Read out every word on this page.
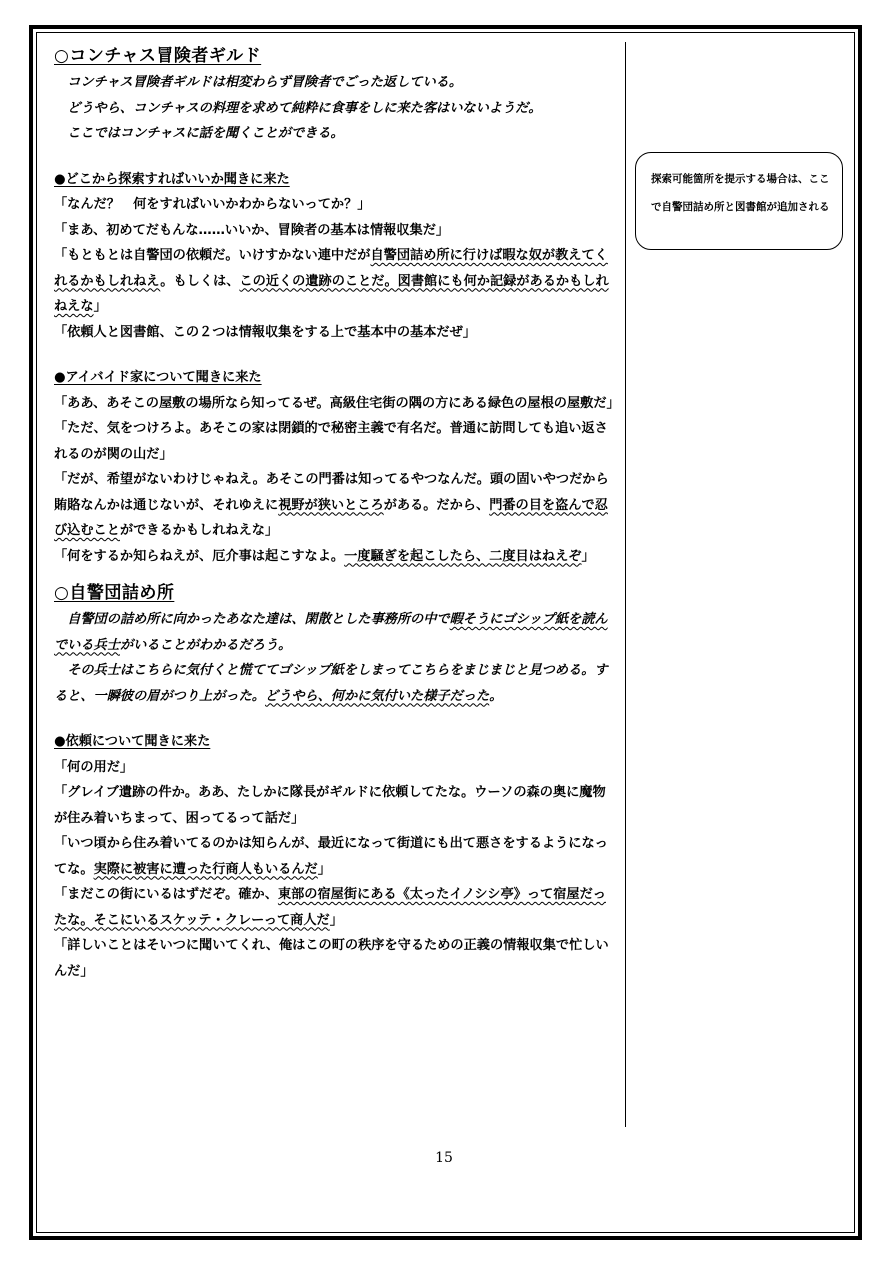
○コンチャス冒険者ギルド

コンチャス冒険者ギルドは相変わらず冒険者でごった返している。

どうやら、コンチャスの料理を求めて純粋に食事をしに来た客はいないようだ。

ここではコンチャスに話を聞くことができる。

●どこから探索すればいいか聞きに来た

「なんだ？　何をすればいいかわからないってか？」

「まあ、初めてだもんな……いいか、冒険者の基本は情報収集だ」

「もともとは自警団の依頼だ。いけすかない連中だが自警団詰め所に行けば暇な奴が教えてくれるかもしれねえ。もしくは、この近くの遺跡のことだ。図書館にも何か記録があるかもしれねえな」

「依頼人と図書館、この２つは情報収集をする上で基本中の基本だぜ」

●アイバイド家について聞きに来た

「ああ、あそこの屋敷の場所なら知ってるぜ。高級住宅街の隅の方にある緑色の屋根の屋敷だ」

「ただ、気をつけろよ。あそこの家は閉鎖的で秘密主義で有名だ。普通に訪問しても追い返されるのが関の山だ」

「だが、希望がないわけじゃねえ。あそこの門番は知ってるやつなんだ。頭の固いやつだから賄賂なんかは通じないが、それゆえに視野が狭いところがある。だから、門番の目を盗んで忍び込むことができるかもしれねえな」

「何をするか知らねえが、厄介事は起こすなよ。一度騒ぎを起こしたら、二度目はねえぞ」

○自警団詰め所

自警団の詰め所に向かったあなた達は、閑散とした事務所の中で暇そうにゴシップ紙を読んでいる兵士がいることがわかるだろう。

その兵士はこちらに気付くと慌ててゴシップ紙をしまってこちらをまじまじと見つめる。すると、一瞬彼の眉がつり上がった。どうやら、何かに気付いた様子だった。

●依頼について聞きに来た

「何の用だ」

「グレイブ遺跡の件か。ああ、たしかに隊長がギルドに依頼してたな。ウーソの森の奥に魔物が住み着いちまって、困ってるって話だ」

「いつ頃から住み着いてるのかは知らんが、最近になって街道にも出て悪さをするようになってな。実際に被害に遭った行商人もいるんだ」

「まだこの街にいるはずだぞ。確か、東部の宿屋街にある《太ったイノシシ亭》って宿屋だったな。そこにいるスケッテ・クレーって商人だ」

「詳しいことはそいつに聞いてくれ、俺はこの町の秩序を守るための正義の情報収集で忙しいんだ」

探索可能箇所を提示する場合は、ここで自警団詰め所と図書館が追加される
15
